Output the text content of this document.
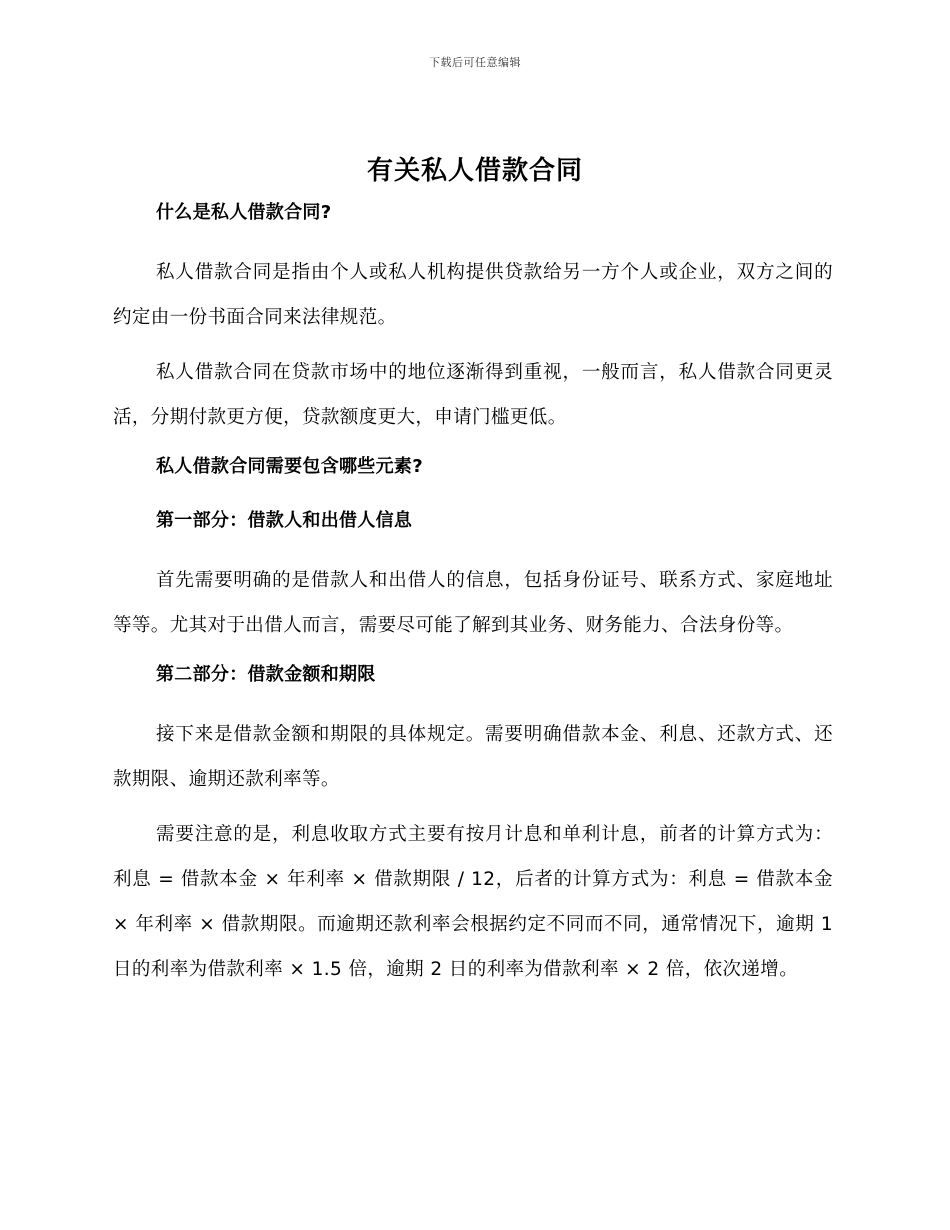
下载后可任意编辑
有关私人借款合同

什么是私人借款合同?

私人借款合同是指由个人或私人机构提供贷款给另一方个人或企业，双方之间的约定由一份书面合同来法律规范。

私人借款合同在贷款市场中的地位逐渐得到重视，一般而言，私人借款合同更灵活，分期付款更方便，贷款额度更大，申请门槛更低。

私人借款合同需要包含哪些元素?

第一部分：借款人和出借人信息

首先需要明确的是借款人和出借人的信息，包括身份证号、联系方式、家庭地址等等。尤其对于出借人而言，需要尽可能了解到其业务、财务能力、合法身份等。

第二部分：借款金额和期限

接下来是借款金额和期限的具体规定。需要明确借款本金、利息、还款方式、还款期限、逾期还款利率等。

需要注意的是，利息收取方式主要有按月计息和单利计息，前者的计算方式为：利息 = 借款本金 × 年利率 × 借款期限 / 12，后者的计算方式为：利息 = 借款本金 × 年利率 × 借款期限。而逾期还款利率会根据约定不同而不同，通常情况下，逾期 1 日的利率为借款利率 × 1.5 倍，逾期 2 日的利率为借款利率 × 2 倍，依次递增。
